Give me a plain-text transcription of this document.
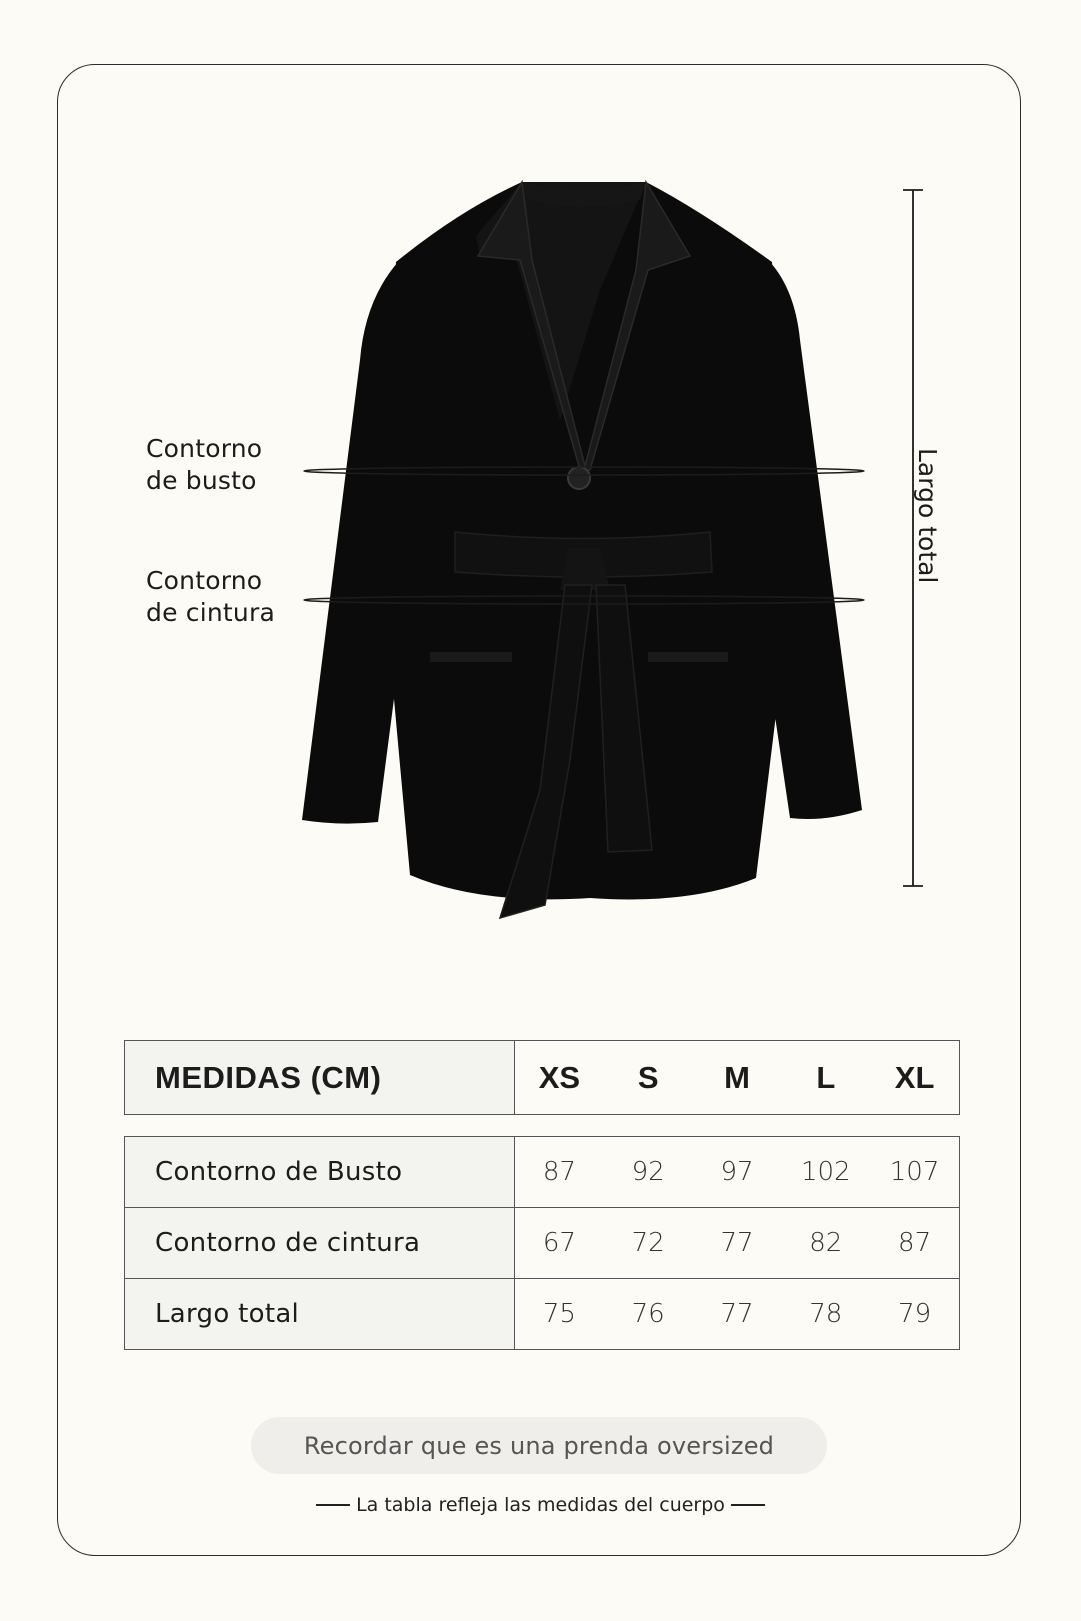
Contorno
de busto
Contorno
de cintura
Largo total
MEDIDAS (CM)	XS	S	M	L	XL
Contorno de Busto	87 92 97 102 107

Contorno de cintura	67 72 77 82 87

Largo total	75 76 77 78 79
Recordar que es una prenda oversized
La tabla refleja las medidas del cuerpo
